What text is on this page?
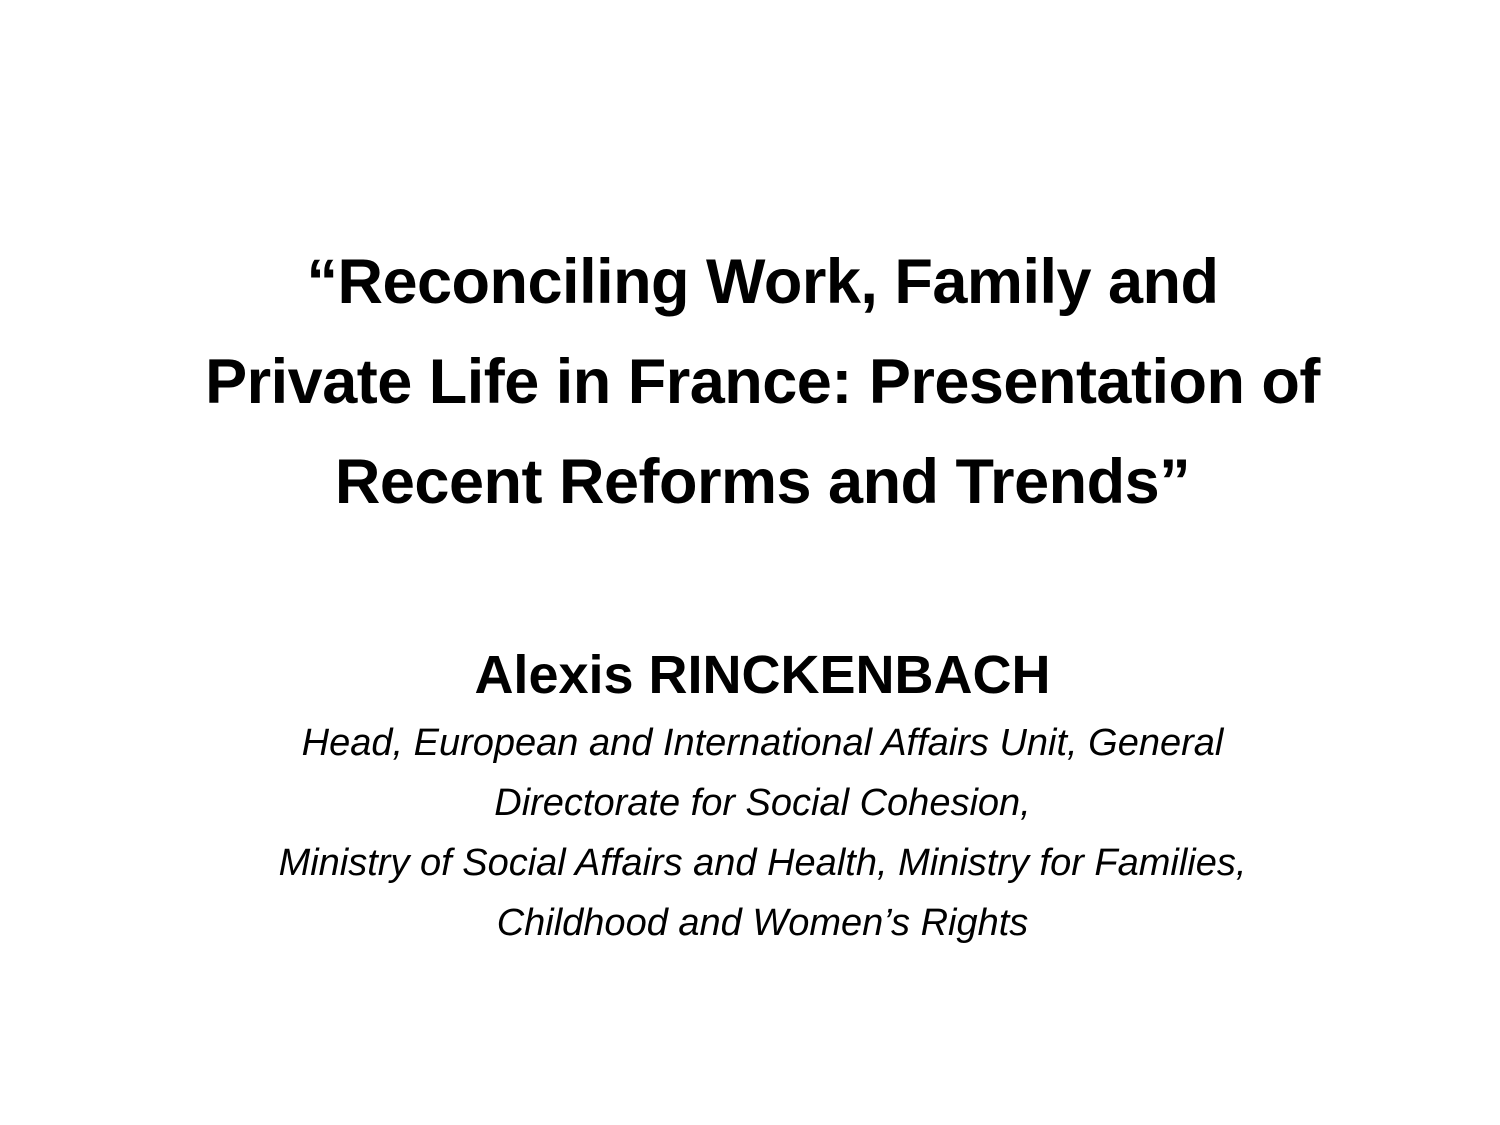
“Reconciling Work, Family and
Private Life in France: Presentation of
Recent Reforms and Trends”
Alexis RINCKENBACH
Head, European and International Affairs Unit, General
Directorate for Social Cohesion,
Ministry of Social Affairs and Health, Ministry for Families,
Childhood and Women’s Rights
